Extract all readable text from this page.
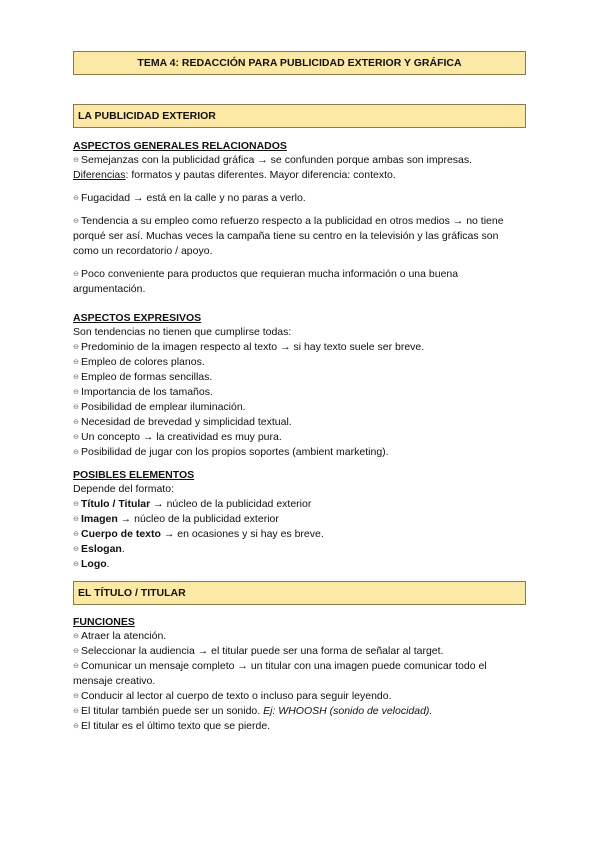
TEMA 4: REDACCIÓN PARA PUBLICIDAD EXTERIOR Y GRÁFICA
LA PUBLICIDAD EXTERIOR
ASPECTOS GENERALES RELACIONADOS

⊖ Semejanzas con la publicidad gráfica → se confunden porque ambas son impresas.

Diferencias: formatos y pautas diferentes. Mayor diferencia: contexto.

⊖ Fugacidad → está en la calle y no paras a verlo.

⊖ Tendencia a su empleo como refuerzo respecto a la publicidad en otros medios → no tiene

porqué ser así. Muchas veces la campaña tiene su centro en la televisión y las gráficas son

como un recordatorio / apoyo.

⊖ Poco conveniente para productos que requieran mucha información o una buena

argumentación.

ASPECTOS EXPRESIVOS

Son tendencias no tienen que cumplirse todas:

⊖ Predominio de la imagen respecto al texto → si hay texto suele ser breve.

⊖ Empleo de colores planos.

⊖ Empleo de formas sencillas.

⊖ Importancia de los tamaños.

⊖ Posibilidad de emplear iluminación.

⊖ Necesidad de brevedad y simplicidad textual.

⊖ Un concepto → la creatividad es muy pura.

⊖ Posibilidad de jugar con los propios soportes (ambient marketing).

POSIBLES ELEMENTOS

Depende del formato:

⊖ Título / Titular → núcleo de la publicidad exterior

⊖ Imagen → núcleo de la publicidad exterior

⊖ Cuerpo de texto → en ocasiones y si hay es breve.

⊖ Eslogan.

⊖ Logo.

EL TÍTULO / TITULAR
FUNCIONES

⊖ Atraer la atención.

⊖ Seleccionar la audiencia → el titular puede ser una forma de señalar al target.

⊖ Comunicar un mensaje completo → un titular con una imagen puede comunicar todo el

mensaje creativo.

⊖ Conducir al lector al cuerpo de texto o incluso para seguir leyendo.

⊖ El titular también puede ser un sonido. Ej: WHOOSH (sonido de velocidad).

⊖ El titular es el último texto que se pierde.
